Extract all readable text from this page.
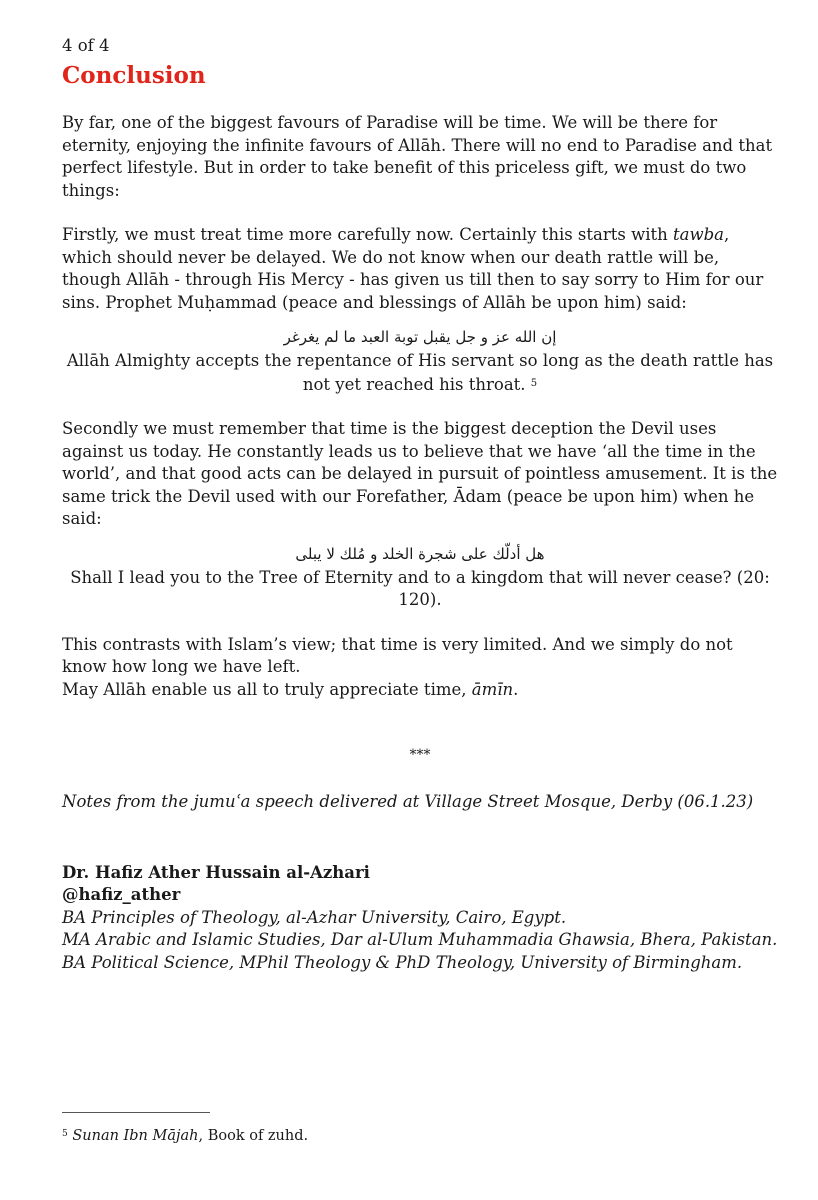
4 of 4
Conclusion

By far, one of the biggest favours of Paradise will be time. We will be there for eternity, enjoying the infinite favours of Allāh. There will no end to Paradise and that perfect lifestyle. But in order to take benefit of this priceless gift, we must do two things:

Firstly, we must treat time more carefully now. Certainly this starts with tawba, which should never be delayed. We do not know when our death rattle will be, though Allāh - through His Mercy - has given us till then to say sorry to Him for our sins. Prophet Muḥammad (peace and blessings of Allāh be upon him) said:

إن الله عز و جل يقبل توبة العبد ما لم يغرغر

Allāh Almighty accepts the repentance of His servant so long as the death rattle has not yet reached his throat. $^5$

Secondly we must remember that time is the biggest deception the Devil uses against us today. He constantly leads us to believe that we have ‘all the time in the world’, and that good acts can be delayed in pursuit of pointless amusement. It is the same trick the Devil used with our Forefather, Ādam (peace be upon him) when he said:

هل أدلّك على شجرة الخلد و مُلك لا يبلى

Shall I lead you to the Tree of Eternity and to a kingdom that will never cease? (20: 120).

This contrasts with Islam’s view; that time is very limited. And we simply do not know how long we have left.

May Allāh enable us all to truly appreciate time, āmīn.

***

Notes from the jumuʿa speech delivered at Village Street Mosque, Derby (06.1.23)

Dr. Hafiz Ather Hussain al-Azhari

@hafiz_ather

BA Principles of Theology, al-Azhar University, Cairo, Egypt.

MA Arabic and Islamic Studies, Dar al-Ulum Muhammadia Ghawsia, Bhera, Pakistan.

BA Political Science, MPhil Theology & PhD Theology, University of Birmingham.

$^5$ Sunan Ibn Mājah, Book of zuhd.
